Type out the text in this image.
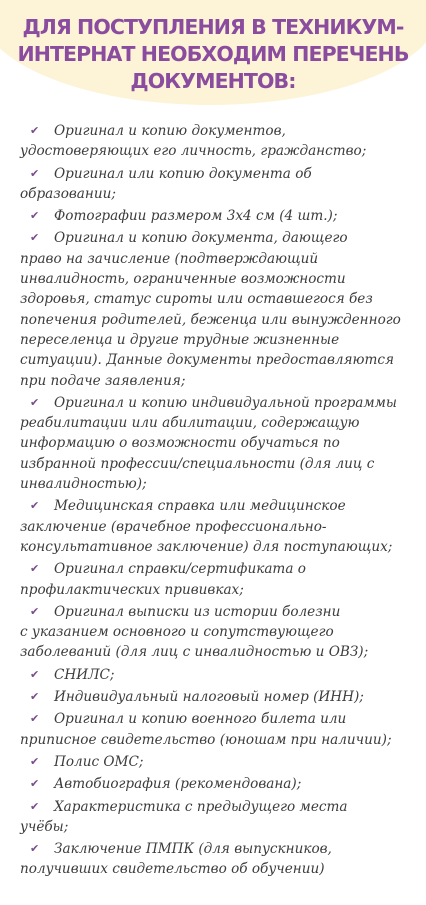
ДЛЯ ПОСТУПЛЕНИЯ В ТЕХНИКУМ-
ИНТЕРНАТ НЕОБХОДИМ ПЕРЕЧЕНЬ
ДОКУМЕНТОВ:
✔ Оригинал и копию документов,
удостоверяющих его личность, гражданство;
✔ Оригинал или копию документа об
образовании;
✔ Фотографии размером 3х4 см (4 шт.);
✔ Оригинал и копию документа, дающего
право на зачисление (подтверждающий
инвалидность, ограниченные возможности
здоровья, статус сироты или оставшегося без
попечения родителей, беженца или вынужденного
переселенца и другие трудные жизненные
ситуации). Данные документы предоставляются
при подаче заявления;
✔ Оригинал и копию индивидуальной программы
реабилитации или абилитации, содержащую
информацию о возможности обучаться по
избранной профессии/специальности (для лиц с
инвалидностью);
✔ Медицинская справка или медицинское
заключение (врачебное профессионально-
консультативное заключение) для поступающих;
✔ Оригинал справки/сертификата о
профилактических прививках;
✔ Оригинал выписки из истории болезни
с указанием основного и сопутствующего
заболеваний (для лиц с инвалидностью и ОВЗ);
✔ СНИЛС;
✔ Индивидуальный налоговый номер (ИНН);
✔ Оригинал и копию военного билета или
приписное свидетельство (юношам при наличии);
✔ Полис ОМС;
✔ Автобиография (рекомендована);
✔ Характеристика с предыдущего места
учёбы;
✔ Заключение ПМПК (для выпускников,
получивших свидетельство об обучении)
